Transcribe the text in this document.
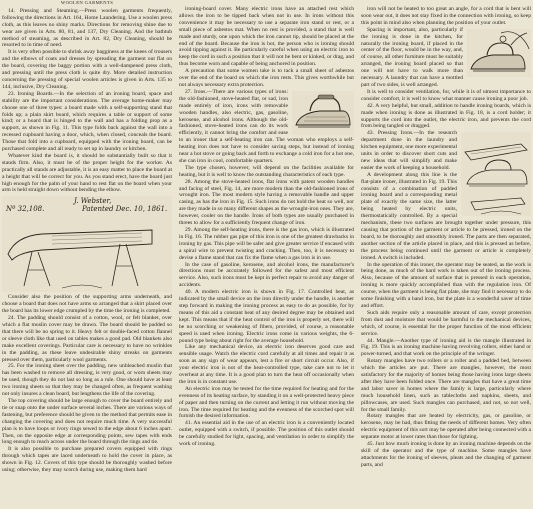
WOOLEN GARMENTS

14. Pressing and Steaming.—Press woolen garments frequently, following the directions in Art. 164, Home Laundering. Use a woolen press cloth, as this leaves no shiny marks. Directions for removing shine due to wear are given in Arts. 80, 81, and 137, Dry Cleaning. And the bathtub method of steaming, as described in Art. 82, Dry Cleaning, should be resorted to in time of need.

It is very often possible to shrink away bagginess at the knees of trousers and the elbows of coats and dresses by spreading the garment out flat on the board, covering the baggy portion with a well-dampened press cloth, and pressing until the press cloth is quite dry. More detailed instruction concerning the pressing of special woolen articles is given in Arts. 135 to 144, inclusive, Dry Cleaning.

23. Ironing Boards.—In the selection of an ironing board, space and stability are the important considerations. The average home-maker may choose one of three types: a board made with a self-supporting stand that folds up; a plain skirt board, which requires a table or support of some kind; or a board that is hinged to the wall and has a folding prop as a support, as shown in Fig. 11. This type folds back against the wall into a recessed cupboard having a door, which, when closed, conceals the board. Those that fold into a cupboard, equipped with the ironing board, can be purchased complete and all ready to set up in laundry or kitchen.

Whatever kind the board is, it should be substantially built so that it stands firm. Also, it must be of the proper height for the worker. As practically all stands are adjustable, it is an easy matter to place the board at a height that will be correct for you. As you stand erect, have the board just high enough for the palm of your hand to rest flat on the board when your arm is held straight down without bending the elbow.

J. Webster,
Nº 32,108.	Patented Dec. 10, 1861.

Consider also the position of the supporting arms underneath, and choose a board that does not have arms so arranged that a skirt placed over the board has its lower edge crumpled by the time the ironing is completed.

24. The padding should consist of a cotton, wool, or felt blanket, over which a flat muslin cover may be drawn. The board should be padded so that there will be no spring to it. Heavy felt or double-faced cotton flannel or sleeve cloth like that used on tables makes a good pad. Old blankets also make excellent coverings. Particular care is necessary to have no wrinkles in the padding, as these leave undesirable shiny streaks on garments pressed over them, particularly wool garments.

25. For the ironing sheet over the padding, new unbleached muslin that has been washed to remove all dressing, is very good, or worn sheets may be used, though they do not last so long as a rule. One should have at least two ironing sheets so that they may be changed often, as frequent washing not only insures a clean board, but lengthens the life of the covering.

The top covering should be large enough to cover the board entirely and tie or snap onto the under surface several inches. There are various ways of fastening, but preference should be given to the method that permits ease in changing the covering and does not require much time. A very successful plan is to have loops or ivory rings sewed to the edge about 6 inches apart. Then, on the opposite edge at corresponding points, sew tapes with ends long enough to reach across under the board through the rings and tie.

It is also possible to purchase prepared covers equipped with rings through which tapes are laced underneath to hold the cover in place, as shown in Fig. 12. Covers of this type should be thoroughly washed before using; otherwise, they may scorch during use, making them hard

ironing-board cover. Many electric irons have an attached rest which allows the iron to be tipped back when not in use. In irons without this convenience it may be necessary to use a separate iron stand or rest, or a small piece of asbestos mat. When no rest is provided, a stand that is well made and sturdy, one upon which the iron cannot tip, should be placed at the end of the board. Because the iron is hot, the person who is ironing should avoid tipping against it. Be particularly careful when using an electric iron to keep the cord in such a position that it will not be bent or kinked, or drag, and thus become worn and capable of being anchored in position.

A precaution that some women take is to tack a small sheet of asbestos over the end of the board on which the iron rests. This gives worthwhile but not always necessary extra protection.

27. Irons.—There are various types of irons: the old-fashioned, stove-heated flat, or sad, iron made entirely of iron, irons with removable wooden handles, also electric, gas, gasoline, kerosene, and alcohol irons. Although the old-fashioned, stove-heated irons can do its work efficiently, it cannot bring the comfort and ease to an ironer that a self-heating iron can. The woman who employs a self-heating iron does not have to consider saving steps, but instead of ironing near a hot stove or going back and forth to exchange a cold iron for a hot one, she can iron in cool, comfortable quarters.

The type chosen, however, will depend on the facilities available for heating, but it is well to know the outstanding characteristics of each type.

28. Among the stove-heated irons, flat irons with patent wooden handles and facing of steel, Fig. 14, are more modern than the old-fashioned irons of wrought iron. The most modern style having a removable handle and upper casing, as has the iron in Fig. 15. Such irons do not hold the heat so well, nor are they made in so many different shapes as the wrought-iron ones. They are, however, cooler on the handle. Irons of both types are usually purchased in threes to allow for a sufficiently frequent change of iron.

29. Among the self-heating irons, there is the gas iron, which is illustrated in Fig. 16. The rubber gas pipe of this iron is one of the greatest drawbacks in ironing by gas. This pipe will be safer and give greater service if encased with a spiral wire to prevent twisting and cracking. Then, too, it is necessary to devise a flame stand that can fix the flame when a gas iron is in use.

In the case of gasoline, kerosene, and alcohol irons, the manufacturer's directions must be accurately followed for the safest and most efficient service. Also, such irons must be kept in perfect repair to avoid any danger of accidents.

40. A modern electric iron is shown in Fig. 17. Controlled heat, as indicated by the small device on the iron directly under the handle, is another step forward in making the ironing process as easy to do as possible, for by means of this aid a constant heat of any desired degree may be obtained and kept. This means that if the heat control of the iron is properly set, there will be no scorching or weakening of fibers, provided, of course, a reasonable speed is used when ironing. Electric irons come in various weights, the 6-pound type being about right for the average household.

Like any mechanical device, an electric iron deserves good care and sensible usage. Watch the electric cord carefully at all times and repair it as soon as any sign of wear appears, lest a fire or short circuit occur. Also, if your electric iron is not of the heat-controlled type, take care not to let it overheat at any time. It is a good plan to turn the heat off occasionally when the iron is in constant use.

An electric iron may be tested for the time required for heating and for the evenness of its heating surface, by standing it on a well-protected heavy piece of paper and then turning on the current and letting it run without moving the iron. The time required for heating and the evenness of the scorched spot will furnish the desired information.

41. An essential aid in the use of an electric iron is a conveniently located outlet, equipped with a switch, if possible. The position of this outlet should be carefully studied for light, spacing, and ventilation in order to simplify the work of ironing.

iron will not be heated to too great an angle, for a cord that is bent will soon wear out, it does not stay fixed in the connection with ironing, so keep this point in mind also when planning the position of your outlet.

Spacing is important, also, particularly if the ironing is done in the kitchen, for naturally the ironing board, if placed in the center of the floor, would be in the way, and, of course, all other furniture must be suitably arranged, the ironing board placed so that one will not have to walk more than necessary. A laundry that can have a mottled part of two sides, is well arranged.

It is well to consider ventilation, for, while it is of utmost importance to consider comfort, it is well to know what manner cause ironing a poor job.

42. A very helpful, but small, addition to handle ironing boards, which is made when ironing is done as illustrated in Fig. 18, is a cord holder; it supports the cord into the outlet, the electric iron, and prevents the cord from being tangled or dragged.

43. Pressing Irons.—In the research department done in the laundry and kitchen equipment, one more experimental units in order to discover short cuts and new ideas that will simplify and make easier the work of keeping a household.

A development along this line is the flat-plate ironer, illustrated in Fig. 19. This consists of a combination of padded ironing board and a corresponding metal plate of exactly the same size, the latter being heated by electric units, thermostatically controlled. By a special mechanism, these two surfaces are brought together under pressure, this causing that portion of the garment or article to be pressed, ironed on the board, to be thoroughly and smoothly ironed. The parts are then separated, another section of the article placed in place, and this is pressed as before, the process being continued until the garment or article is completely ironed. A switch is included.

In the operation of this ironer, the operator may be seated, as the work is being done, as much of the hard work is taken out of the ironing process. Also, because of the amount of surface that is pressed in each operation, ironing is more quickly accomplished than with the regulation iron. Of course, when the garment is being flat plate, she may find it necessary to do some finishing with a hand iron, but the plate is a wonderful saver of time and effort.

Such aids require only a reasonable amount of care, except protection from dust and moisture that would be harmful to the mechanical devices, which, of course, is essential for the proper function of the most efficient service.

44. Mangle.—Another type of ironing aid is the mangle illustrated in Fig. 19. This is an ironing machine having revolving rollers, either hand or power-turned, and that work on the principle of the wringer.

Rotary mangles have two rollers or a roller and a padded bed, between which the articles are put. There are mangles, however, the most satisfactory for the majority of homes being those having irons large sheets after they have been folded once. There are mangles that have a great time and labor saver in homes where the family is large, particularly where much household linen, such as tablecloths and napkins, sheets, and pillowcases, are used. Such mangles can purchased, and not, so not well, for the small family.

Rotary mangles that are heated by electricity, gas, or gasoline, or kerosene, may be had, thus fitting the needs of different homes. Very often electric equipment of this sort may be operated after being connected with a separate motor at lower rates than those for lighting.

45. Just how much ironing is done by an ironing machine depends on the skill of the operator and the type of machine. Some mangles have attachments for the ironing of sleeves, pleats and the changing of garment parts, and
